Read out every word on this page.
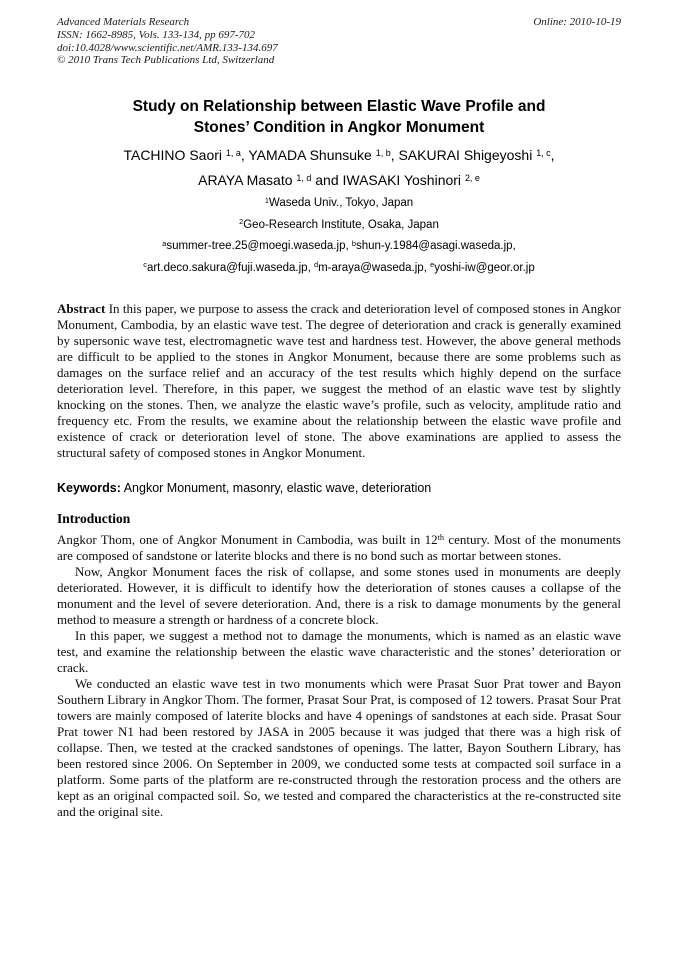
Advanced Materials Research
ISSN: 1662-8985, Vols. 133-134, pp 697-702
doi:10.4028/www.scientific.net/AMR.133-134.697
© 2010 Trans Tech Publications Ltd, Switzerland
Online: 2010-10-19
Study on Relationship between Elastic Wave Profile and
Stones’ Condition in Angkor Monument
TACHINO Saori $^{1, a}$, YAMADA Shunsuke $^{1, b}$, SAKURAI Shigeyoshi $^{1, c}$,
ARAYA Masato $^{1, d}$ and IWASAKI Yoshinori $^{2, e}$
$^1$Waseda Univ., Tokyo, Japan
$^2$Geo-Research Institute, Osaka, Japan
$^a$summer-tree.25@moegi.waseda.jp, $^b$shun-y.1984@asagi.waseda.jp,
$^c$art.deco.sakura@fuji.waseda.jp, $^d$m-araya@waseda.jp, $^e$yoshi-iw@geor.or.jp

Abstract In this paper, we purpose to assess the crack and deterioration level of composed stones in Angkor Monument, Cambodia, by an elastic wave test. The degree of deterioration and crack is generally examined by supersonic wave test, electromagnetic wave test and hardness test. However, the above general methods are difficult to be applied to the stones in Angkor Monument, because there are some problems such as damages on the surface relief and an accuracy of the test results which highly depend on the surface deterioration level. Therefore, in this paper, we suggest the method of an elastic wave test by slightly knocking on the stones. Then, we analyze the elastic wave’s profile, such as velocity, amplitude ratio and frequency etc. From the results, we examine about the relationship between the elastic wave profile and existence of crack or deterioration level of stone. The above examinations are applied to assess the structural safety of composed stones in Angkor Monument.

Keywords: Angkor Monument, masonry, elastic wave, deterioration

Introduction

Angkor Thom, one of Angkor Monument in Cambodia, was built in 12th century. Most of the monuments are composed of sandstone or laterite blocks and there is no bond such as mortar between stones.

Now, Angkor Monument faces the risk of collapse, and some stones used in monuments are deeply deteriorated. However, it is difficult to identify how the deterioration of stones causes a collapse of the monument and the level of severe deterioration. And, there is a risk to damage monuments by the general method to measure a strength or hardness of a concrete block.

In this paper, we suggest a method not to damage the monuments, which is named as an elastic wave test, and examine the relationship between the elastic wave characteristic and the stones’ deterioration or crack.

We conducted an elastic wave test in two monuments which were Prasat Suor Prat tower and Bayon Southern Library in Angkor Thom. The former, Prasat Sour Prat, is composed of 12 towers. Prasat Sour Prat towers are mainly composed of laterite blocks and have 4 openings of sandstones at each side. Prasat Sour Prat tower N1 had been restored by JASA in 2005 because it was judged that there was a high risk of collapse. Then, we tested at the cracked sandstones of openings. The latter, Bayon Southern Library, has been restored since 2006. On September in 2009, we conducted some tests at compacted soil surface in a platform. Some parts of the platform are re-constructed through the restoration process and the others are kept as an original compacted soil. So, we tested and compared the characteristics at the re-constructed site and the original site.
